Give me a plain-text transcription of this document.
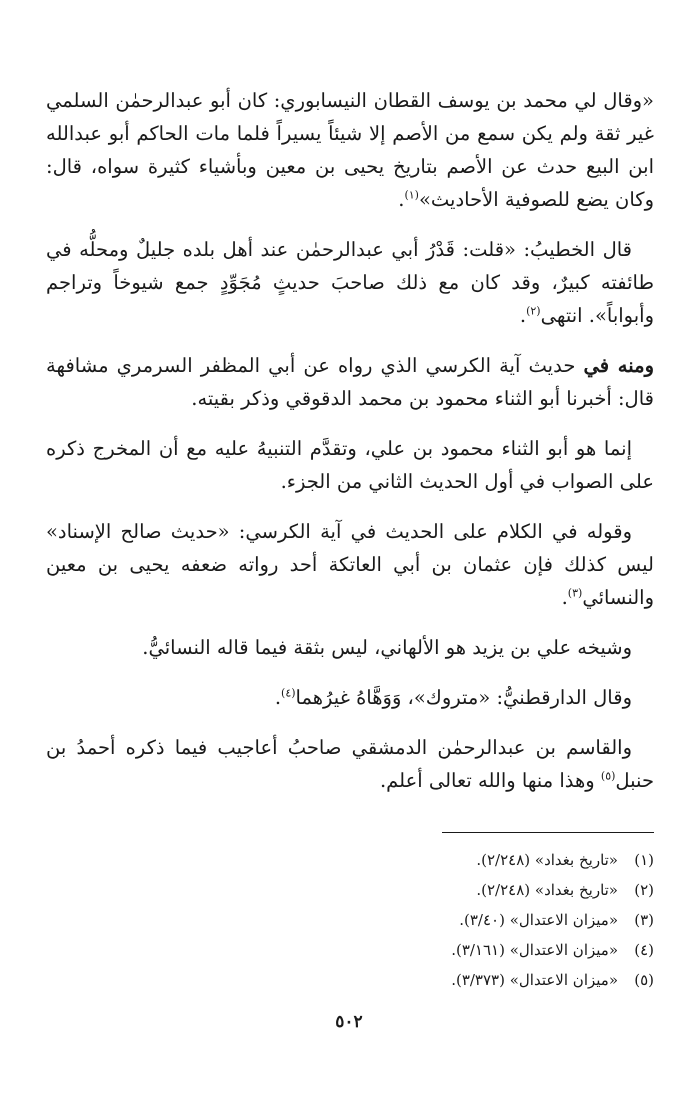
«وقال لي محمد بن يوسف القطان النيسابوري: كان أبو عبدالرحمٰن السلمي غير ثقة ولم يكن سمع من الأصم إلا شيئاً يسيراً فلما مات الحاكم أبو عبدالله ابن البيع حدث عن الأصم بتاريخ يحيى بن معين وبأشياء كثيرة سواه، قال: وكان يضع للصوفية الأحاديث»$^{(١)}$.

قال الخطيبُ: «قلت: قَدْرُ أبي عبدالرحمٰن عند أهل بلده جليلٌ ومحلُّه في طائفته كبيرٌ، وقد كان مع ذلك صاحبَ حديثٍ مُجَوِّدٍ جمع شيوخاً وتراجم وأبواباً». انتهى$^{(٢)}$.

ومنه في حديث آية الكرسي الذي رواه عن أبي المظفر السرمري مشافهة قال: أخبرنا أبو الثناء محمود بن محمد الدقوقي وذكر بقيته.

إنما هو أبو الثناء محمود بن علي، وتقدَّم التنبيهُ عليه مع أن المخرج ذكره على الصواب في أول الحديث الثاني من الجزء.

وقوله في الكلام على الحديث في آية الكرسي: «حديث صالح الإسناد» ليس كذلك فإن عثمان بن أبي العاتكة أحد رواته ضعفه يحيى بن معين والنسائي$^{(٣)}$.

وشيخه علي بن يزيد هو الألهاني، ليس بثقة فيما قاله النسائيُّ.

وقال الدارقطنيُّ: «متروك»، وَوَهَّاهُ غيرُهما$^{(٤)}$.

والقاسم بن عبدالرحمٰن الدمشقي صاحبُ أعاجيب فيما ذكره أحمدُ بن حنبل$^{(٥)}$ وهذا منها والله تعالى أعلم.

(١)
«تاريخ بغداد» (٢/٢٤٨).
(٢)
«تاريخ بغداد» (٢/٢٤٨).
(٣)
«ميزان الاعتدال» (٣/٤٠).
(٤)
«ميزان الاعتدال» (٣/١٦١).
(٥)
«ميزان الاعتدال» (٣/٣٧٣).
٥٠٢
